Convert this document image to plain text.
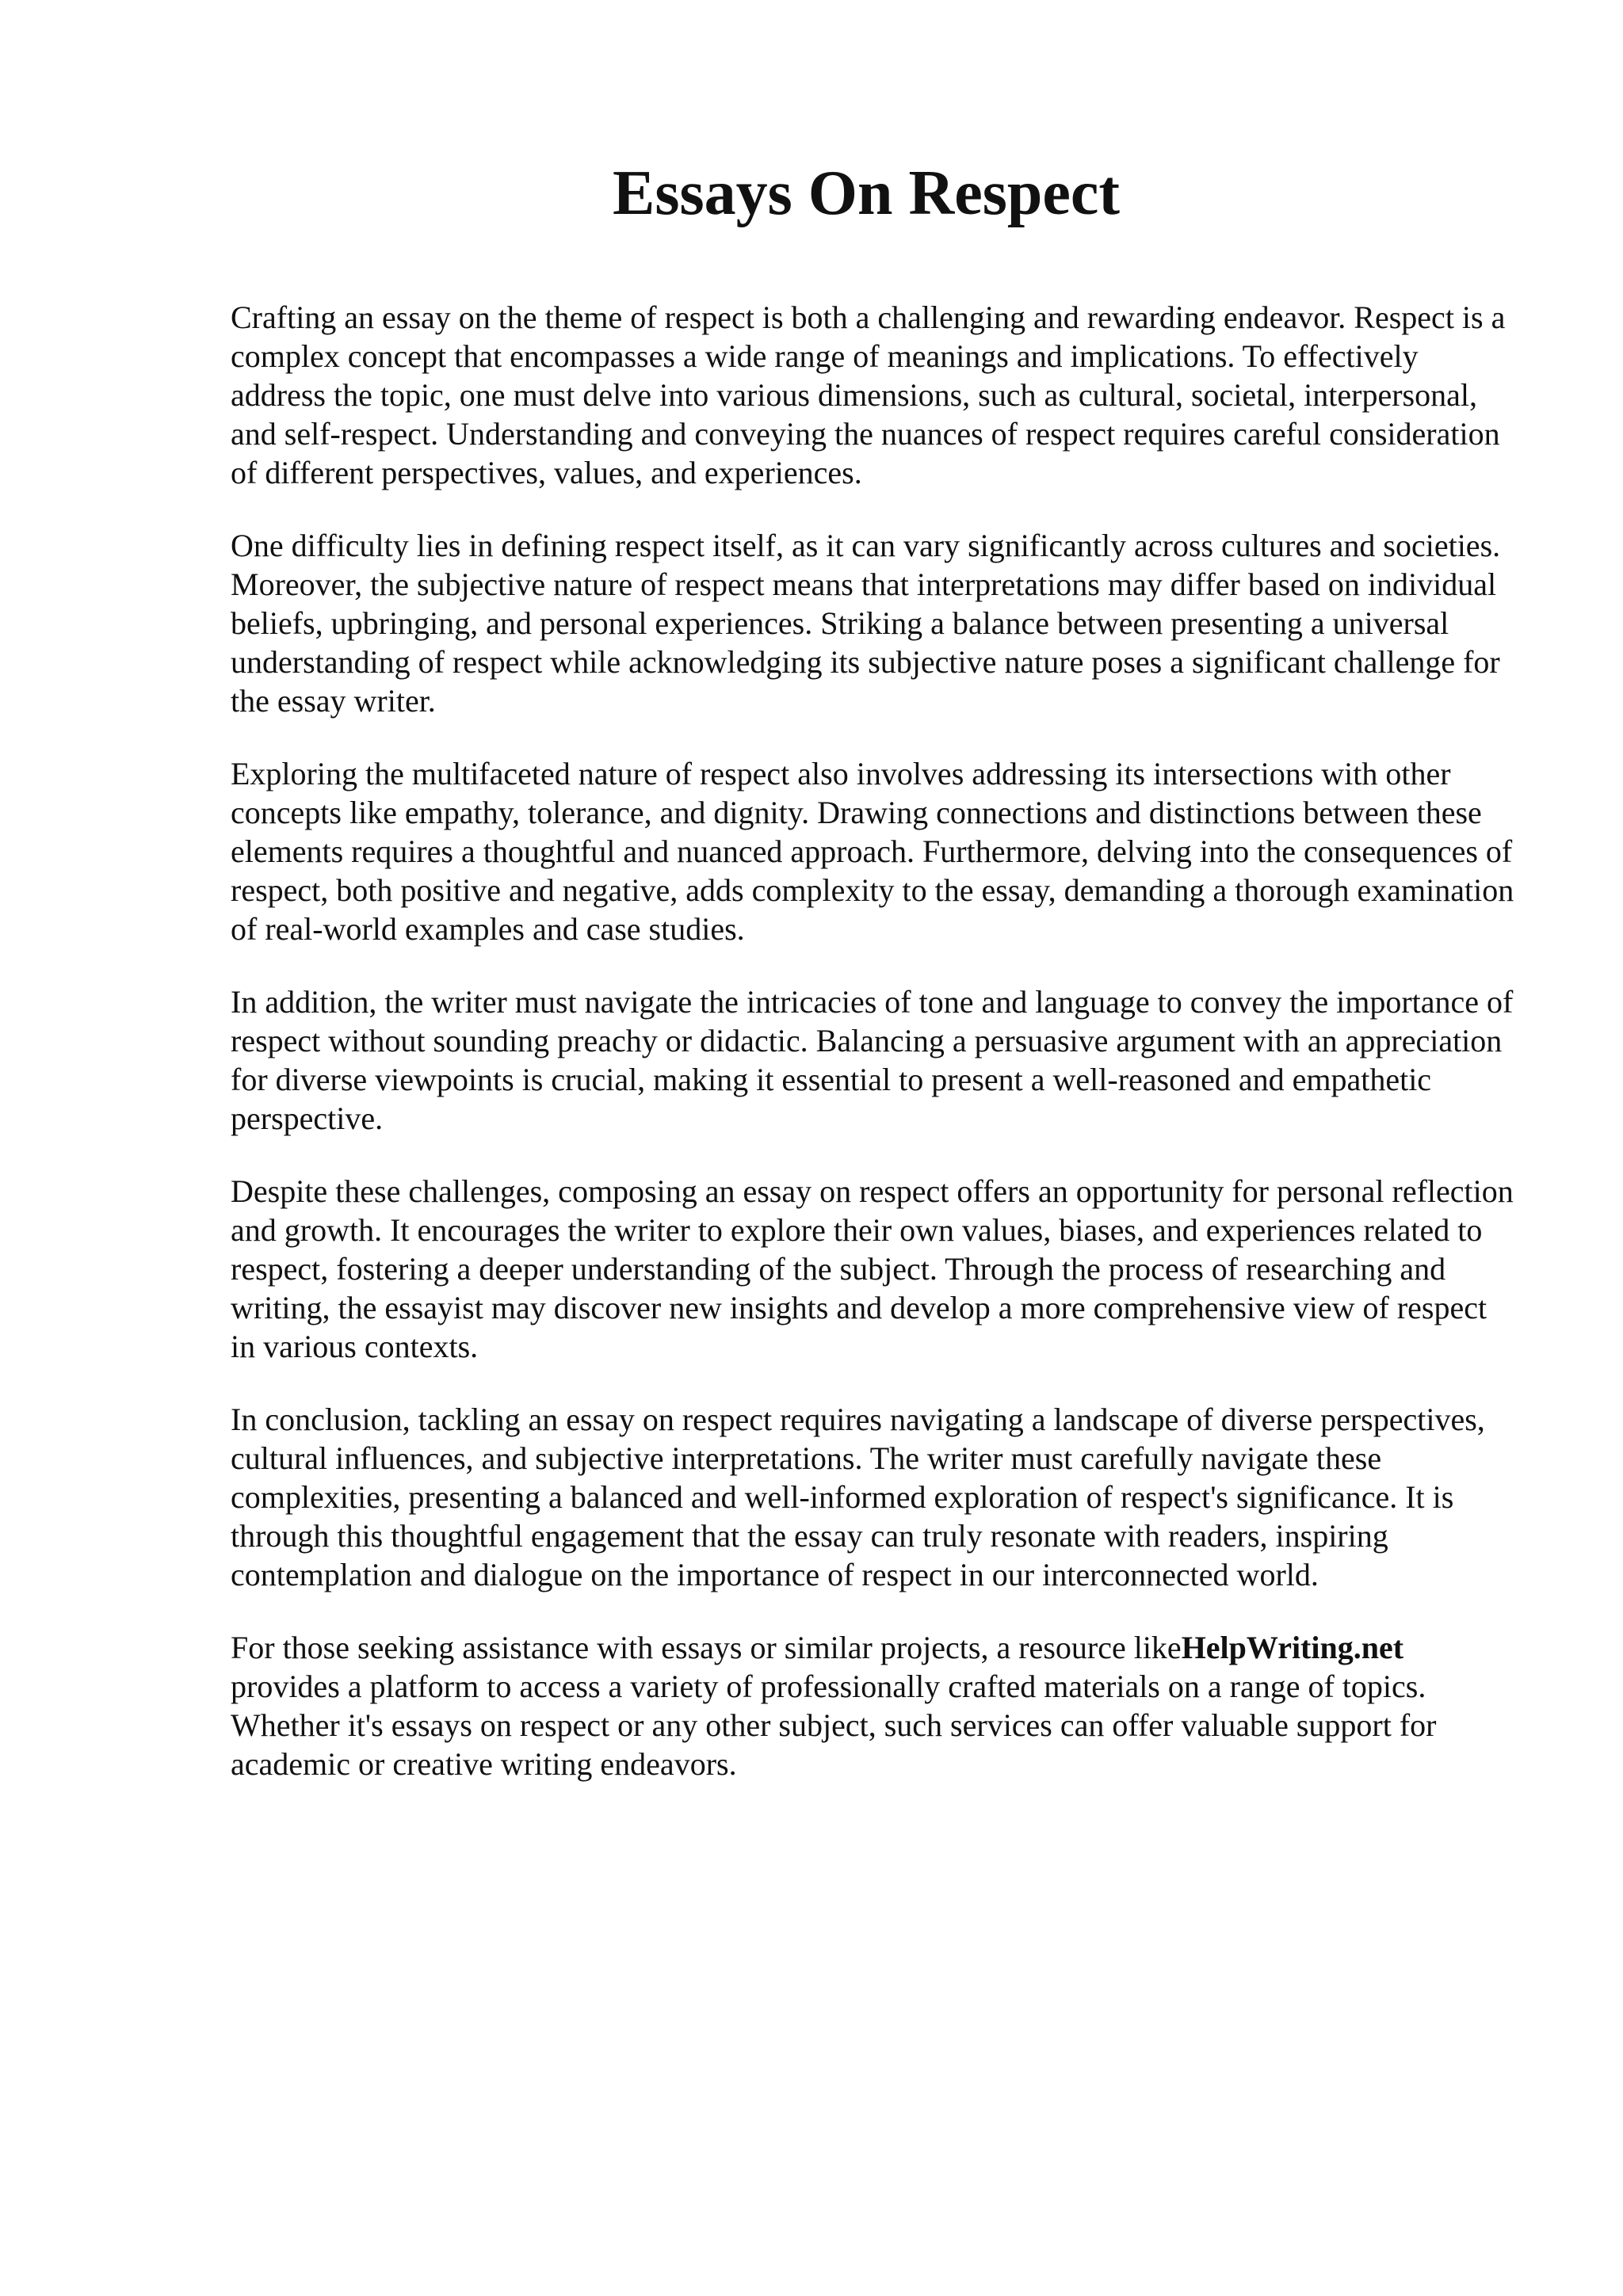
Essays On Respect

Crafting an essay on the theme of respect is both a challenging and rewarding endeavor. Respect is a complex concept that encompasses a wide range of meanings and implications. To effectively address the topic, one must delve into various dimensions, such as cultural, societal, interpersonal, and self-respect. Understanding and conveying the nuances of respect requires careful consideration of different perspectives, values, and experiences.

One difficulty lies in defining respect itself, as it can vary significantly across cultures and societies. Moreover, the subjective nature of respect means that interpretations may differ based on individual beliefs, upbringing, and personal experiences. Striking a balance between presenting a universal understanding of respect while acknowledging its subjective nature poses a significant challenge for the essay writer.

Exploring the multifaceted nature of respect also involves addressing its intersections with other concepts like empathy, tolerance, and dignity. Drawing connections and distinctions between these elements requires a thoughtful and nuanced approach. Furthermore, delving into the consequences of respect, both positive and negative, adds complexity to the essay, demanding a thorough examination of real-world examples and case studies.

In addition, the writer must navigate the intricacies of tone and language to convey the importance of respect without sounding preachy or didactic. Balancing a persuasive argument with an appreciation for diverse viewpoints is crucial, making it essential to present a well-reasoned and empathetic perspective.

Despite these challenges, composing an essay on respect offers an opportunity for personal reflection and growth. It encourages the writer to explore their own values, biases, and experiences related to respect, fostering a deeper understanding of the subject. Through the process of researching and writing, the essayist may discover new insights and develop a more comprehensive view of respect in various contexts.

In conclusion, tackling an essay on respect requires navigating a landscape of diverse perspectives, cultural influences, and subjective interpretations. The writer must carefully navigate these complexities, presenting a balanced and well-informed exploration of respect's significance. It is through this thoughtful engagement that the essay can truly resonate with readers, inspiring contemplation and dialogue on the importance of respect in our interconnected world.

For those seeking assistance with essays or similar projects, a resource likeHelpWriting.net provides a platform to access a variety of professionally crafted materials on a range of topics. Whether it's essays on respect or any other subject, such services can offer valuable support for academic or creative writing endeavors.
